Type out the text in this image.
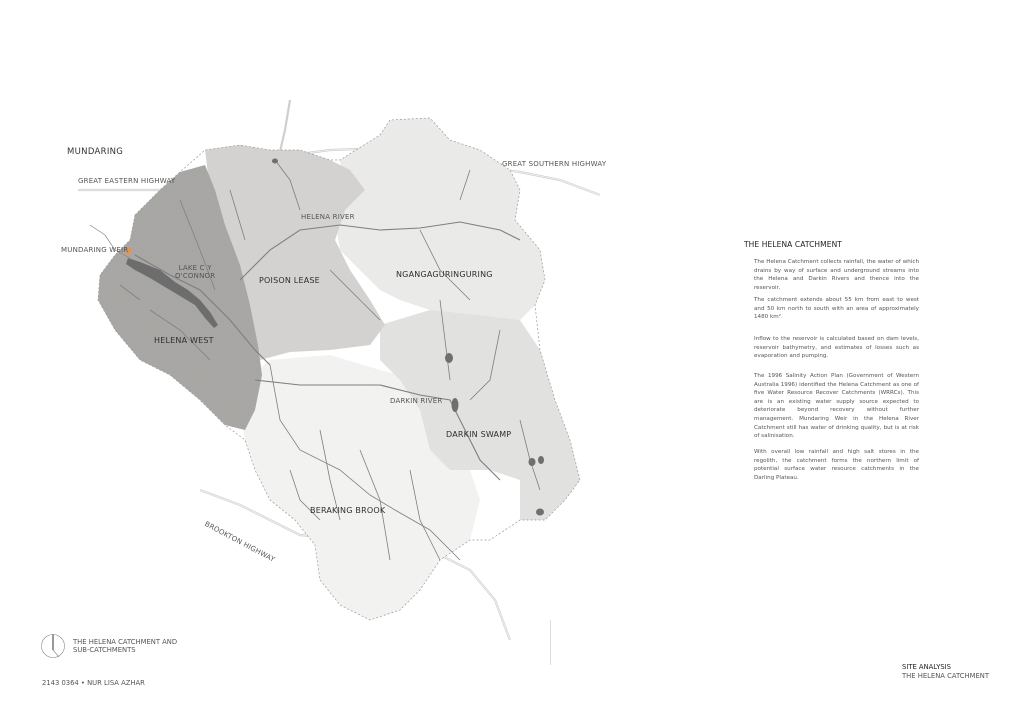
MUNDARING
GREAT EASTERN HIGHWAY
GREAT SOUTHERN HIGHWAY
MUNDARING WEIR
LAKE C Y
O'CONNOR
HELENA RIVER
DARKIN RIVER
BROOKTON HIGHWAY
POISON LEASE
NGANGAGURINGURING
HELENA WEST
DARKIN SWAMP
BERAKING BROOK
THE HELENA CATCHMENT

The Helena Catchment collects rainfall, the water of which drains by way of surface and underground streams into the Helena and Darkin Rivers and thence into the reservoir.

The catchment extends about 55 km from east to west and 50 km north to south with an area of approximately 1480 km².

Inflow to the reservoir is calculated based on dam levels, reservoir bathymetry, and estimates of losses such as evaporation and pumping.

The 1996 Salinity Action Plan (Government of Western Australia 1996) identified the Helena Catchment as one of five Water Resource Recover Catchments (WRRCs). This are is an existing water supply source expected to deteriorate beyond recovery without further management. Mundaring Weir in the Helena River Catchment still has water of drinking quality, but is at risk of salinisation.

With overall low rainfall and high salt stores in the regolith, the catchment forms the northern limit of potential surface water resource catchments in the Darling Plateau.

THE HELENA CATCHMENT AND
SUB-CATCHMENTS
2143 0364 • NUR LISA AZHAR
SITE ANALYSIS
THE HELENA CATCHMENT
